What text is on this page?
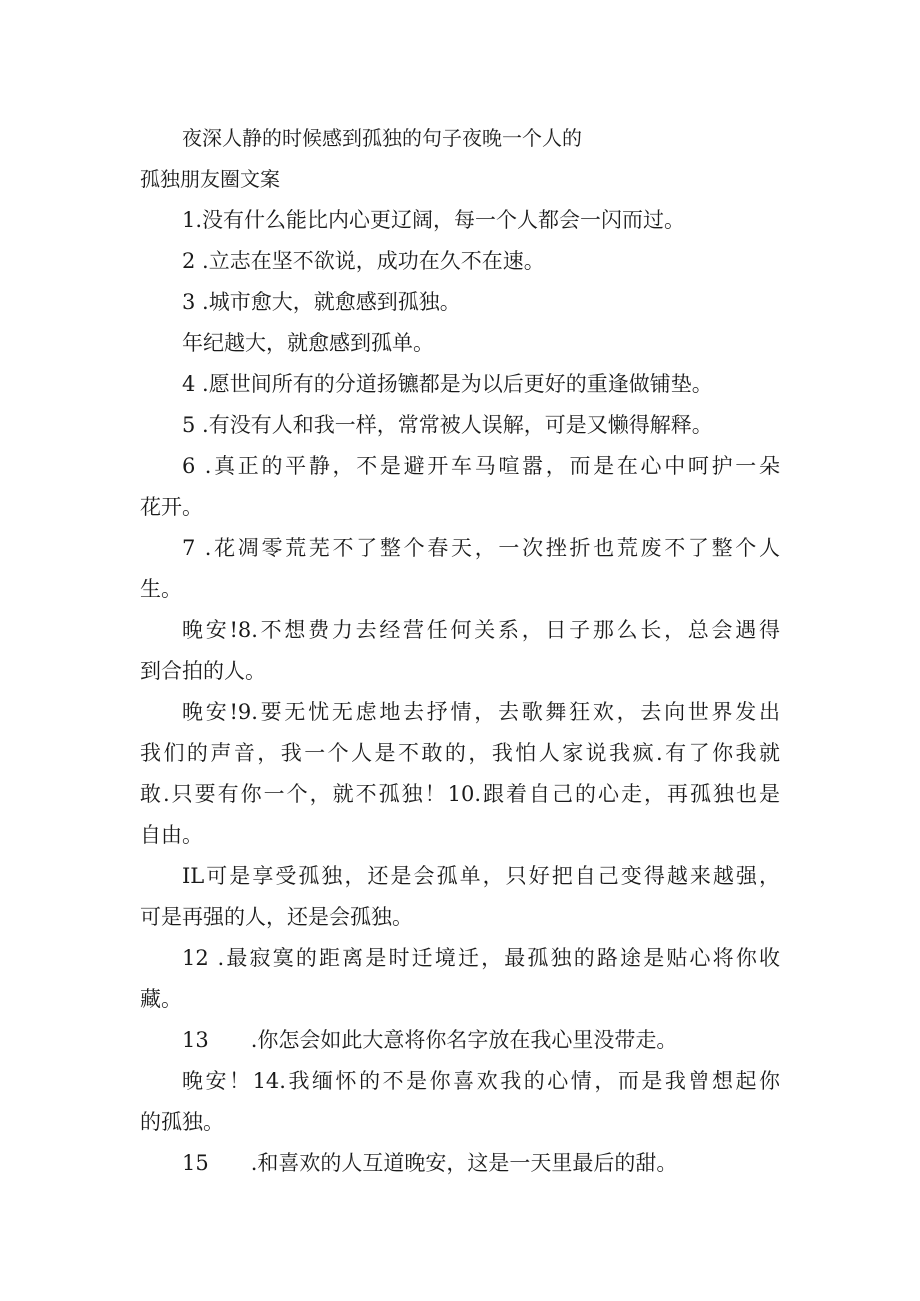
夜深人静的时候感到孤独的句子夜晚一个人的
孤独朋友圈文案
1.没有什么能比内心更辽阔，每一个人都会一闪而过。
2 .立志在坚不欲说，成功在久不在速。
3 .城市愈大，就愈感到孤独。
年纪越大，就愈感到孤单。
4 .愿世间所有的分道扬镳都是为以后更好的重逢做铺垫。
5 .有没有人和我一样，常常被人误解，可是又懒得解释。
6 .真正的平静，不是避开车马喧嚣，而是在心中呵护一朵
花开。
7 .花凋零荒芜不了整个春天，一次挫折也荒废不了整个人
生。
晚安!8.不想费力去经营任何关系，日子那么长，总会遇得
到合拍的人。
晚安!9.要无忧无虑地去抒情，去歌舞狂欢，去向世界发出
我们的声音，我一个人是不敢的，我怕人家说我疯.有了你我就
敢.只要有你一个，就不孤独！10.跟着自己的心走，再孤独也是
自由。
IL可是享受孤独，还是会孤单，只好把自己变得越来越强，
可是再强的人，还是会孤独。
12 .最寂寞的距离是时迁境迁，最孤独的路途是贴心将你收
藏。
13　　.你怎会如此大意将你名字放在我心里没带走。
晚安！14.我缅怀的不是你喜欢我的心情，而是我曾想起你
的孤独。
15　　.和喜欢的人互道晚安，这是一天里最后的甜。
